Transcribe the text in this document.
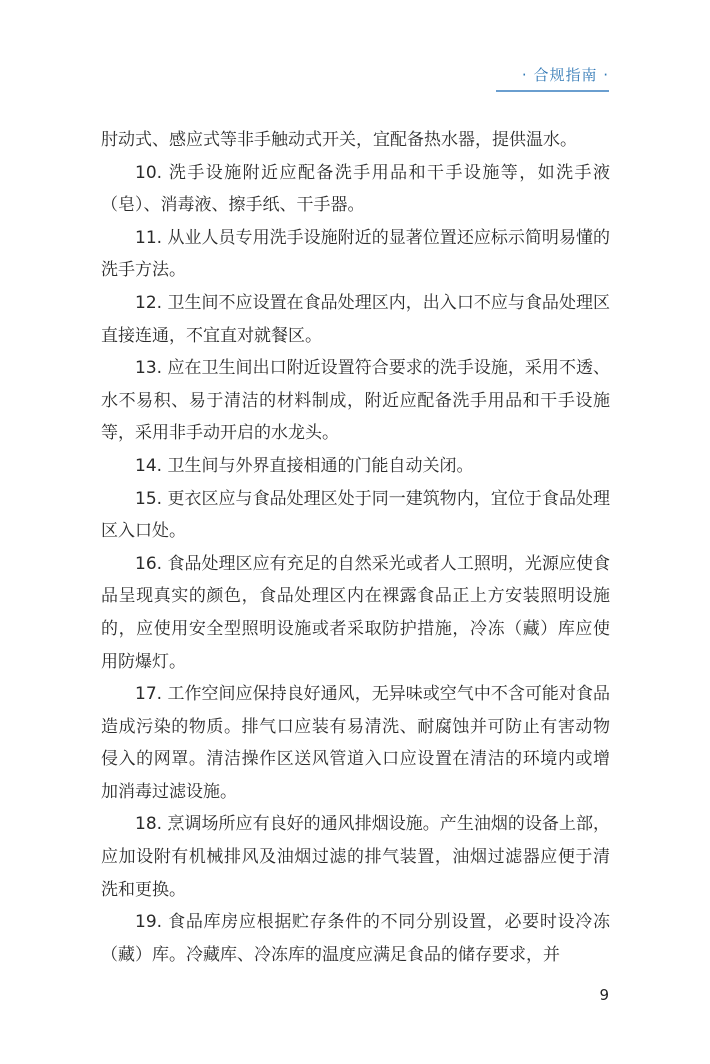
· 合规指南 ·

肘动式、感应式等非手触动式开关，宜配备热水器，提供温水。

10. 洗手设施附近应配备洗手用品和干手设施等，如洗手液（皂）、消毒液、擦手纸、干手器。

11. 从业人员专用洗手设施附近的显著位置还应标示简明易懂的洗手方法。

12. 卫生间不应设置在食品处理区内，出入口不应与食品处理区直接连通，不宜直对就餐区。

13. 应在卫生间出口附近设置符合要求的洗手设施，采用不透、水不易积、易于清洁的材料制成，附近应配备洗手用品和干手设施等，采用非手动开启的水龙头。

14. 卫生间与外界直接相通的门能自动关闭。

15. 更衣区应与食品处理区处于同一建筑物内，宜位于食品处理区入口处。

16. 食品处理区应有充足的自然采光或者人工照明，光源应使食品呈现真实的颜色，食品处理区内在裸露食品正上方安装照明设施的，应使用安全型照明设施或者采取防护措施，冷冻（藏）库应使用防爆灯。

17. 工作空间应保持良好通风，无异味或空气中不含可能对食品造成污染的物质。排气口应装有易清洗、耐腐蚀并可防止有害动物侵入的网罩。清洁操作区送风管道入口应设置在清洁的环境内或增加消毒过滤设施。

18. 烹调场所应有良好的通风排烟设施。产生油烟的设备上部，应加设附有机械排风及油烟过滤的排气装置，油烟过滤器应便于清洗和更换。

19. 食品库房应根据贮存条件的不同分别设置，必要时设冷冻（藏）库。冷藏库、冷冻库的温度应满足食品的储存要求，并

9
